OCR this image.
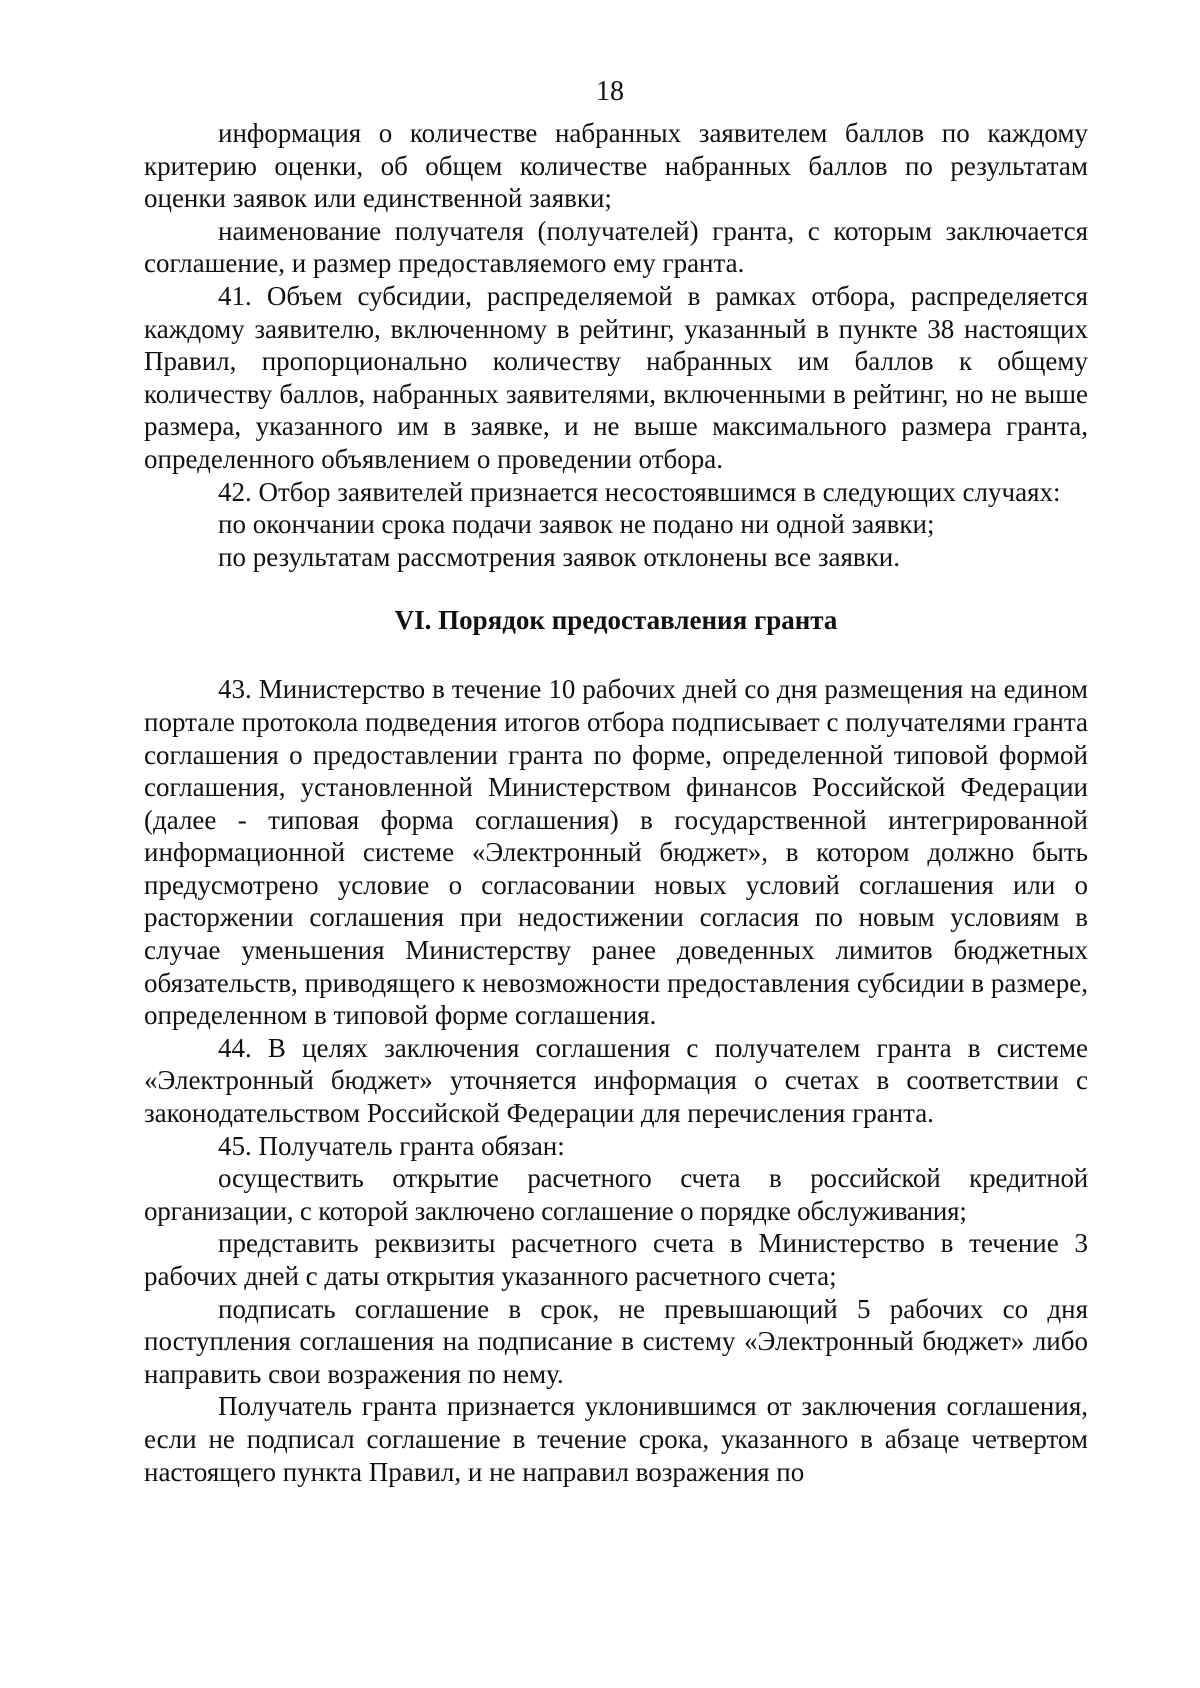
18

информация о количестве набранных заявителем баллов по каждому критерию оценки, об общем количестве набранных баллов по результатам оценки заявок или единственной заявки;

наименование получателя (получателей) гранта, с которым заключается соглашение, и размер предоставляемого ему гранта.

41. Объем субсидии, распределяемой в рамках отбора, распределяется каждому заявителю, включенному в рейтинг, указанный в пункте 38 настоящих Правил, пропорционально количеству набранных им баллов к общему количеству баллов, набранных заявителями, включенными в рейтинг, но не выше размера, указанного им в заявке, и не выше максимального размера гранта, определенного объявлением о проведении отбора.

42. Отбор заявителей признается несостоявшимся в следующих случаях:

по окончании срока подачи заявок не подано ни одной заявки;

по результатам рассмотрения заявок отклонены все заявки.

VI. Порядок предоставления гранта

43. Министерство в течение 10 рабочих дней со дня размещения на едином портале протокола подведения итогов отбора подписывает с получателями гранта соглашения о предоставлении гранта по форме, определенной типовой формой соглашения, установленной Министерством финансов Российской Федерации (далее - типовая форма соглашения) в государственной интегрированной информационной системе «Электронный бюджет», в котором должно быть предусмотрено условие о согласовании новых условий соглашения или о расторжении соглашения при недостижении согласия по новым условиям в случае уменьшения Министерству ранее доведенных лимитов бюджетных обязательств, приводящего к невозможности предоставления субсидии в размере, определенном в типовой форме соглашения.

44. В целях заключения соглашения с получателем гранта в системе «Электронный бюджет» уточняется информация о счетах в соответствии с законодательством Российской Федерации для перечисления гранта.

45. Получатель гранта обязан:

осуществить открытие расчетного счета в российской кредитной организации, с которой заключено соглашение о порядке обслуживания;

представить реквизиты расчетного счета в Министерство в течение 3 рабочих дней с даты открытия указанного расчетного счета;

подписать соглашение в срок, не превышающий 5 рабочих со дня поступления соглашения на подписание в систему «Электронный бюджет» либо направить свои возражения по нему.

Получатель гранта признается уклонившимся от заключения соглашения, если не подписал соглашение в течение срока, указанного в абзаце четвертом настоящего пункта Правил, и не направил возражения по
